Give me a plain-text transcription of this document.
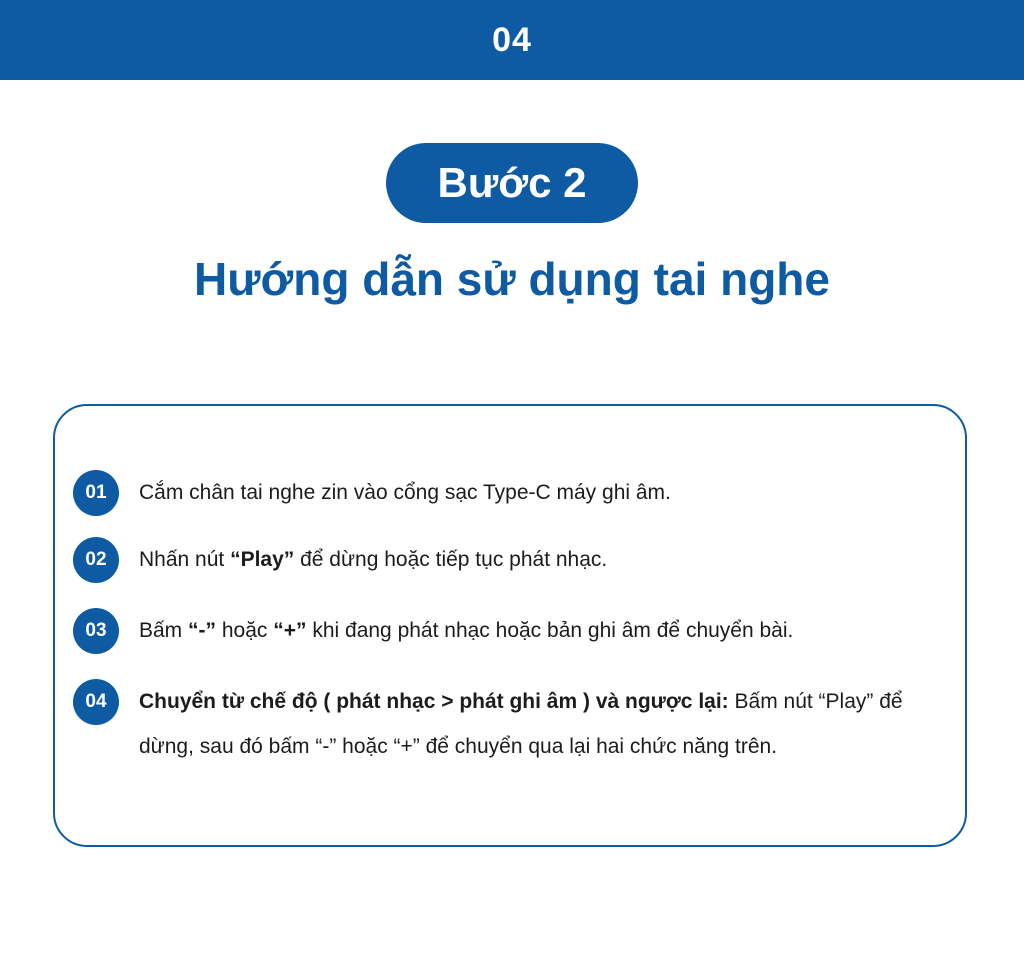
04
Bước 2
Hướng dẫn sử dụng tai nghe
01	Cắm chân tai nghe zin vào cổng sạc Type-C máy ghi âm.
02	Nhấn nút “Play” để dừng hoặc tiếp tục phát nhạc.
03	Bấm “-” hoặc “+” khi đang phát nhạc hoặc bản ghi âm để chuyển bài.
04	Chuyển từ chế độ ( phát nhạc > phát ghi âm ) và ngược lại: Bấm nút “Play” để dừng, sau đó bấm “-” hoặc “+” để chuyển qua lại hai chức năng trên.
